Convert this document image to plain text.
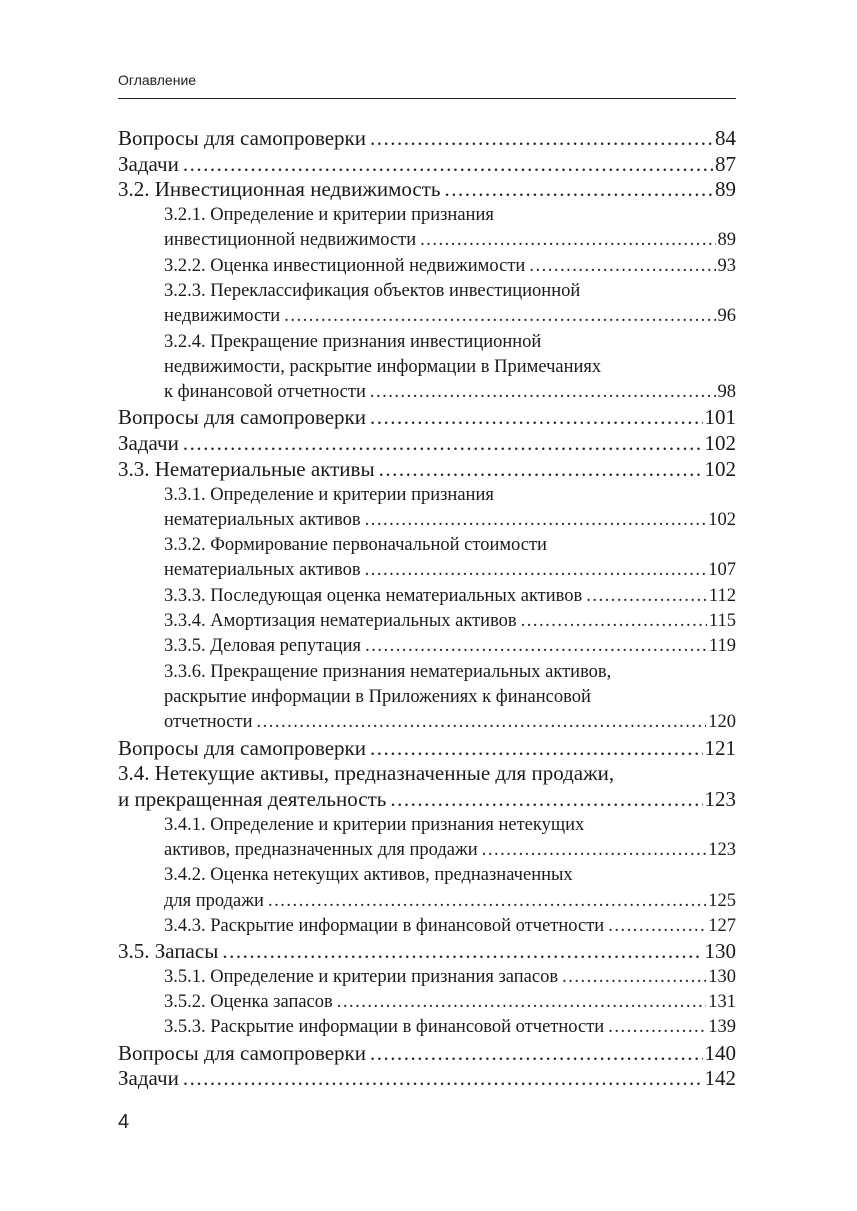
Оглавление
Вопросы для самопроверки .....	84
Задачи .....	87
3.2. Инвестиционная недвижимость .....	89
3.2.1. Определение и критерии признания
инвестиционной недвижимости .....	89
3.2.2. Оценка инвестиционной недвижимости .....	93
3.2.3. Переклассификация объектов инвестиционной
недвижимости .....	96
3.2.4. Прекращение признания инвестиционной
недвижимости, раскрытие информации в Примечаниях
к финансовой отчетности .....	98
Вопросы для самопроверки .....	101
Задачи .....	102
3.3. Нематериальные активы .....	102
3.3.1. Определение и критерии признания
нематериальных активов .....	102
3.3.2. Формирование первоначальной стоимости
нематериальных активов .....	107
3.3.3. Последующая оценка нематериальных активов .....	112
3.3.4. Амортизация нематериальных активов .....	115
3.3.5. Деловая репутация .....	119
3.3.6. Прекращение признания нематериальных активов,
раскрытие информации в Приложениях к финансовой
отчетности .....	120
Вопросы для самопроверки .....	121
3.4. Нетекущие активы, предназначенные для продажи,
и прекращенная деятельность .....	123
3.4.1. Определение и критерии признания нетекущих
активов, предназначенных для продажи .....	123
3.4.2. Оценка нетекущих активов, предназначенных
для продажи .....	125
3.4.3. Раскрытие информации в финансовой отчетности .....	127
3.5. Запасы .....	130
3.5.1. Определение и критерии признания запасов .....	130
3.5.2. Оценка запасов .....	131
3.5.3. Раскрытие информации в финансовой отчетности .....	139
Вопросы для самопроверки .....	140
Задачи .....	142
4
